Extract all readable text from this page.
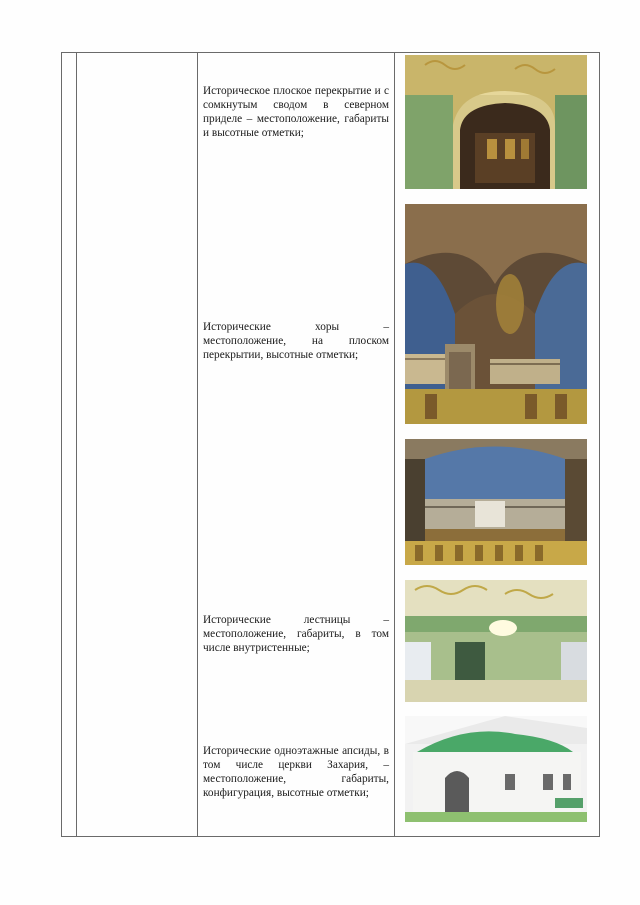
Историческое плоское перекрытие и с сомкнутым сводом в северном приделе – местоположение, габариты и высотные отметки;
Исторические хоры – местоположение, на плоском перекрытии, высотные отметки;
Исторические лестницы – местоположение, габариты, в том числе внутристенные;
Исторические одноэтажные апсиды, в том числе церкви Захария, – местоположение, габариты, конфигурация, высотные отметки;
